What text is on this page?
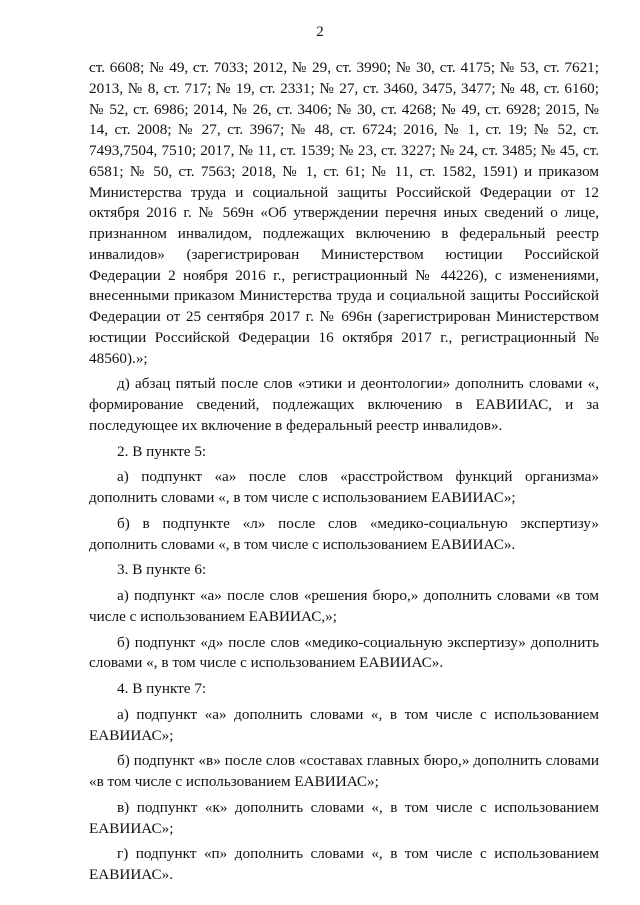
2

ст. 6608; № 49, ст. 7033; 2012, № 29, ст. 3990; № 30, ст. 4175; № 53, ст. 7621; 2013, № 8, ст. 717; № 19, ст. 2331; № 27, ст. 3460, 3475, 3477; № 48, ст. 6160; № 52, ст. 6986; 2014, № 26, ст. 3406; № 30, ст. 4268; № 49, ст. 6928; 2015, № 14, ст. 2008; № 27, ст. 3967; № 48, ст. 6724; 2016, № 1, ст. 19; № 52, ст. 7493,7504, 7510; 2017, № 11, ст. 1539; № 23, ст. 3227; № 24, ст. 3485; № 45, ст. 6581; № 50, ст. 7563; 2018, № 1, ст. 61; № 11, ст. 1582, 1591) и приказом Министерства труда и социальной защиты Российской Федерации от 12 октября 2016 г. № 569н «Об утверждении перечня иных сведений о лице, признанном инвалидом, подлежащих включению в федеральный реестр инвалидов» (зарегистрирован Министерством юстиции Российской Федерации 2 ноября 2016 г., регистрационный № 44226), с изменениями, внесенными приказом Министерства труда и социальной защиты Российской Федерации от 25 сентября 2017 г. № 696н (зарегистрирован Министерством юстиции Российской Федерации 16 октября 2017 г., регистрационный № 48560).»;

д) абзац пятый после слов «этики и деонтологии» дополнить словами «, формирование сведений, подлежащих включению в ЕАВИИАС, и за последующее их включение в федеральный реестр инвалидов».

2. В пункте 5:

а) подпункт «а» после слов «расстройством функций организма» дополнить словами «, в том числе с использованием ЕАВИИАС»;

б) в подпункте «л» после слов «медико-социальную экспертизу» дополнить словами «, в том числе с использованием ЕАВИИАС».

3. В пункте 6:

а) подпункт «а» после слов «решения бюро,» дополнить словами «в том числе с использованием ЕАВИИАС,»;

б) подпункт «д» после слов «медико-социальную экспертизу» дополнить словами «, в том числе с использованием ЕАВИИАС».

4. В пункте 7:

а) подпункт «а» дополнить словами «, в том числе с использованием ЕАВИИАС»;

б) подпункт «в» после слов «составах главных бюро,» дополнить словами «в том числе с использованием ЕАВИИАС»;

в) подпункт «к» дополнить словами «, в том числе с использованием ЕАВИИАС»;

г) подпункт «п» дополнить словами «, в том числе с использованием ЕАВИИАС».
